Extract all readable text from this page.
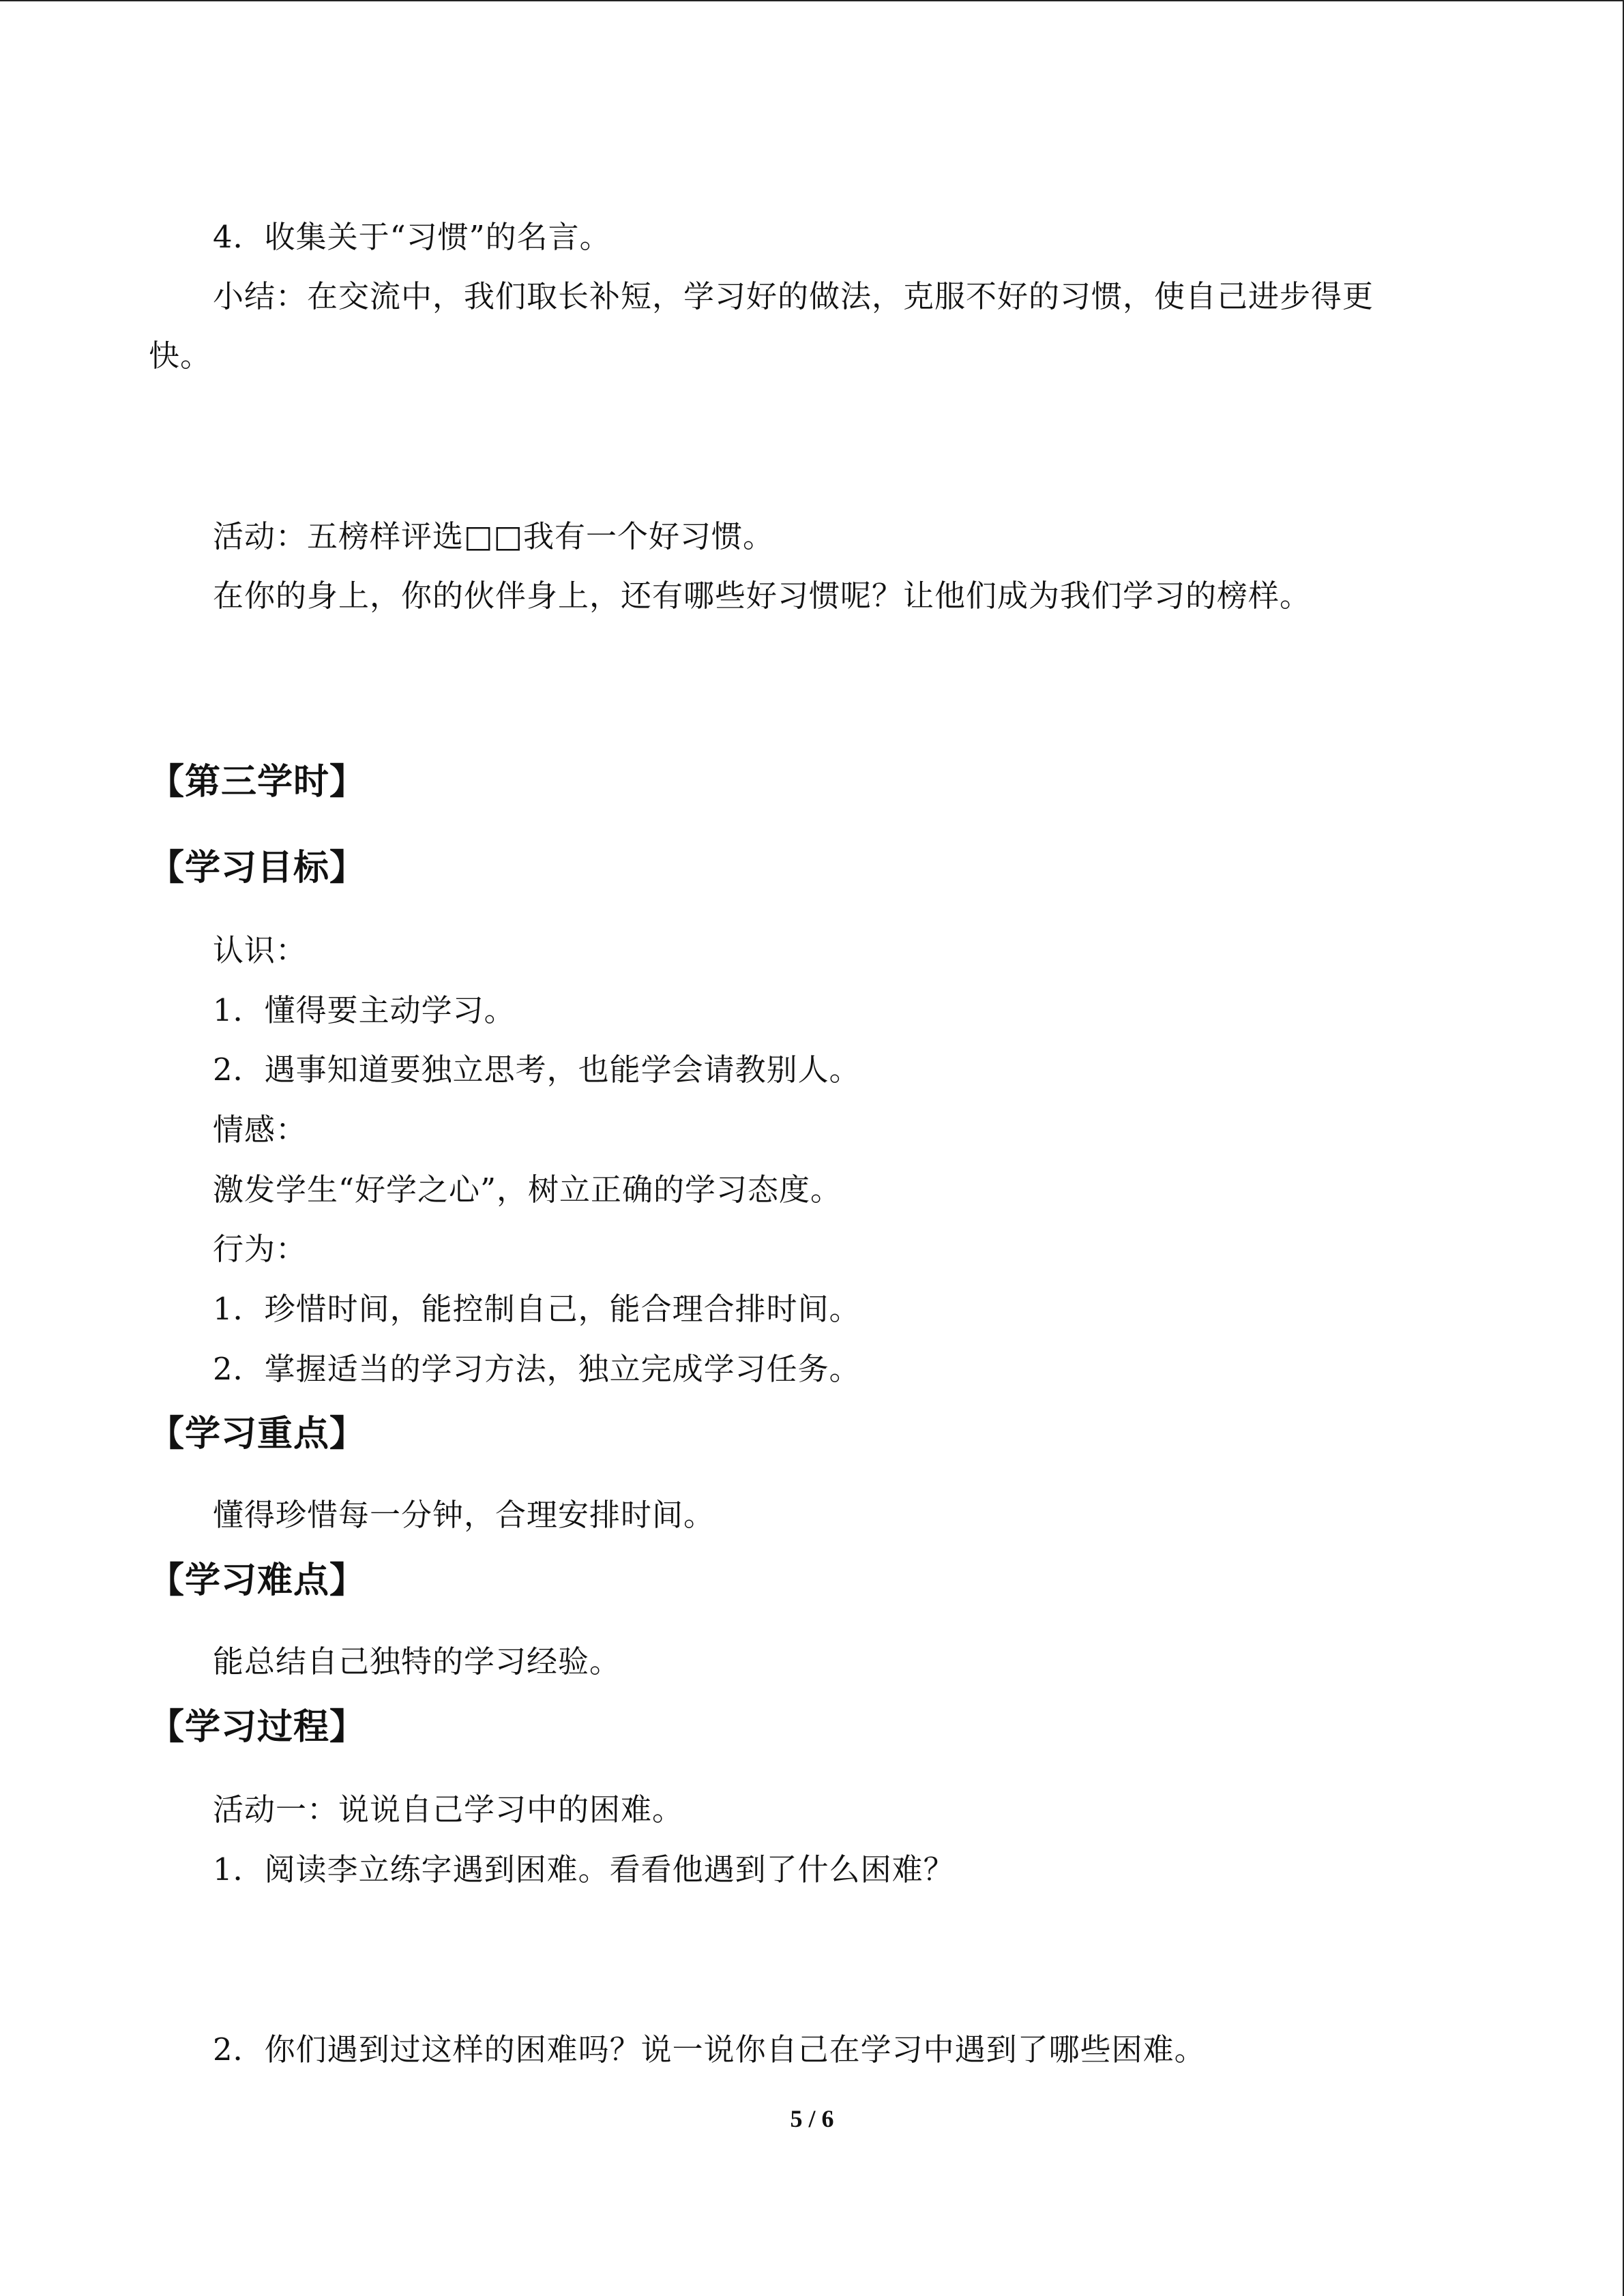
4．收集关于“习惯”的名言。
小结：在交流中，我们取长补短，学习好的做法，克服不好的习惯，使自己进步得更
快。
活动：五榜样评选□□我有一个好习惯。
在你的身上，你的伙伴身上，还有哪些好习惯呢？让他们成为我们学习的榜样。
【第三学时】
【学习目标】
认识：
1．懂得要主动学习。
2．遇事知道要独立思考，也能学会请教别人。
情感：
激发学生“好学之心”，树立正确的学习态度。
行为：
1．珍惜时间，能控制自己，能合理合排时间。
2．掌握适当的学习方法，独立完成学习任务。
【学习重点】
懂得珍惜每一分钟，合理安排时间。
【学习难点】
能总结自己独特的学习经验。
【学习过程】
活动一：说说自己学习中的困难。
1．阅读李立练字遇到困难。看看他遇到了什么困难？
2．你们遇到过这样的困难吗？说一说你自己在学习中遇到了哪些困难。
5 / 6
